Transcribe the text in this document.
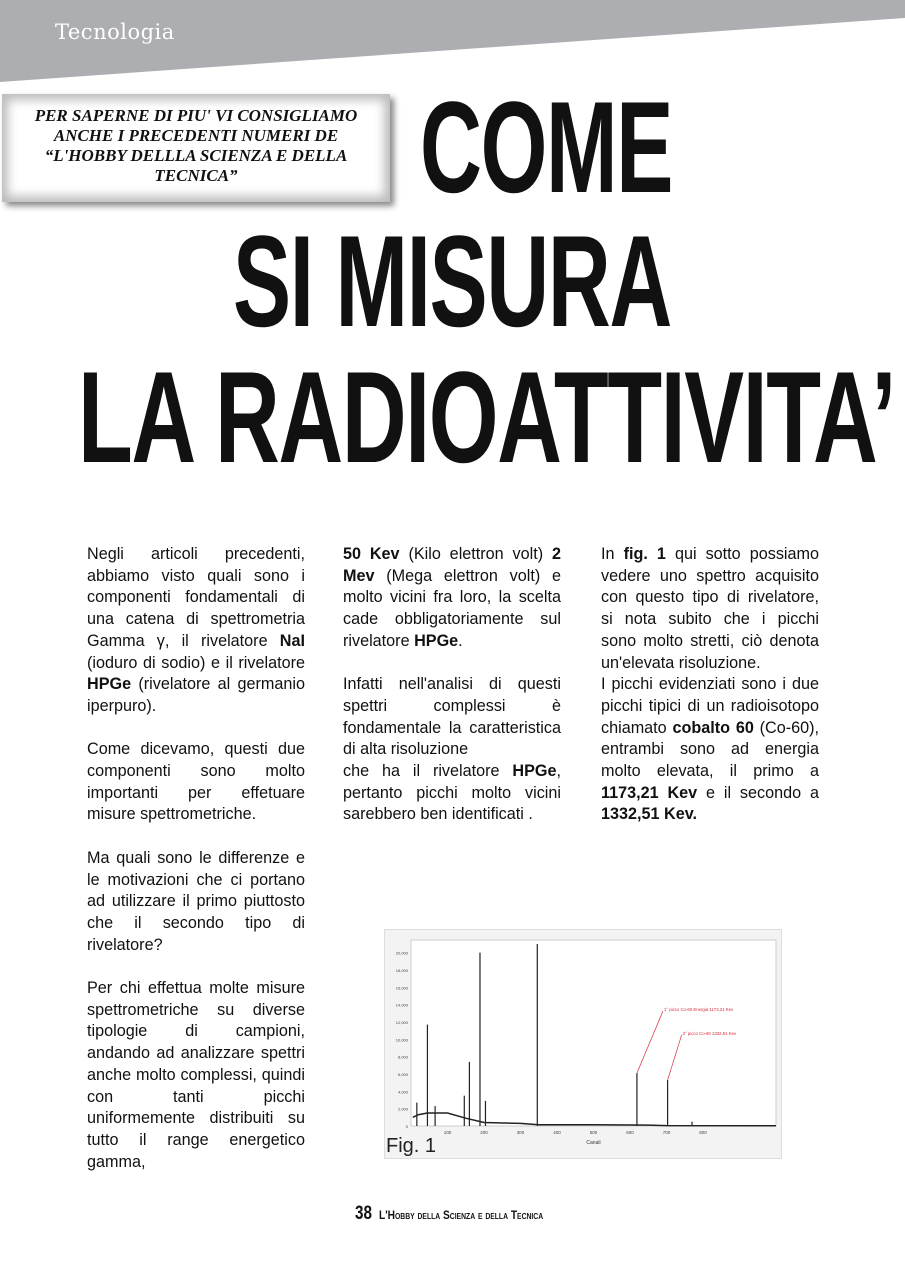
Tecnologia
PER SAPERNE DI PIU' VI CONSIGLIAMO
ANCHE I PRECEDENTI NUMERI DE
“L'HOBBY DELLLA SCIENZA E DELLA
TECNICA”	COME
SI MISURA
LA RADIOATTIVITA’

Negli articoli precedenti, abbiamo visto quali sono i componenti fondamentali di una catena di spettrometria Gamma γ, il rivelatore NaI (ioduro di sodio) e il rivelatore HPGe (rivelatore al germanio iperpuro).

Come dicevamo, questi due componenti sono molto importanti per effetuare misure spettrometriche.

Ma quali sono le differenze e le motivazioni che ci portano ad utilizzare il primo piuttosto che il secondo tipo di rivelatore?

Per chi effettua molte misure spettrometriche su diverse tipologie di campioni, andando ad analizzare spettri anche molto complessi, quindi con tanti picchi uniformemente distribuiti su tutto il range energetico gamma,

50 Kev (Kilo elettron volt) 2 Mev (Mega elettron volt) e molto vicini fra loro, la scelta cade obbligatoriamente sul rivelatore HPGe.

Infatti nell'analisi di questi spettri complessi è fondamentale la caratteristica di alta risoluzione
che ha il rivelatore HPGe, pertanto picchi molto vicini sarebbero ben identificati .

In fig. 1 qui sotto possiamo vedere uno spettro acquisito con questo tipo di rivelatore, si nota subito che i picchi sono molto stretti, ciò denota un'elevata risoluzione.
I picchi evidenziati sono i due picchi tipici di un radioisotopo chiamato cobalto 60 (Co-60), entrambi sono ad energia molto elevata, il primo a 1173,21 Kev e il secondo a 1332,51 Kev.

0
2,000
4,000
6,000
8,000
10,000
12,000
14,000
16,000
18,000
20,000
100	200	300	400	500	600	700	800
Canali
1° picco Co-60 Energia 1173,21 Kev
2° picco Co-60 1332,51 Kev
Fig. 1
38 L'Hobby della Scienza e della Tecnica
